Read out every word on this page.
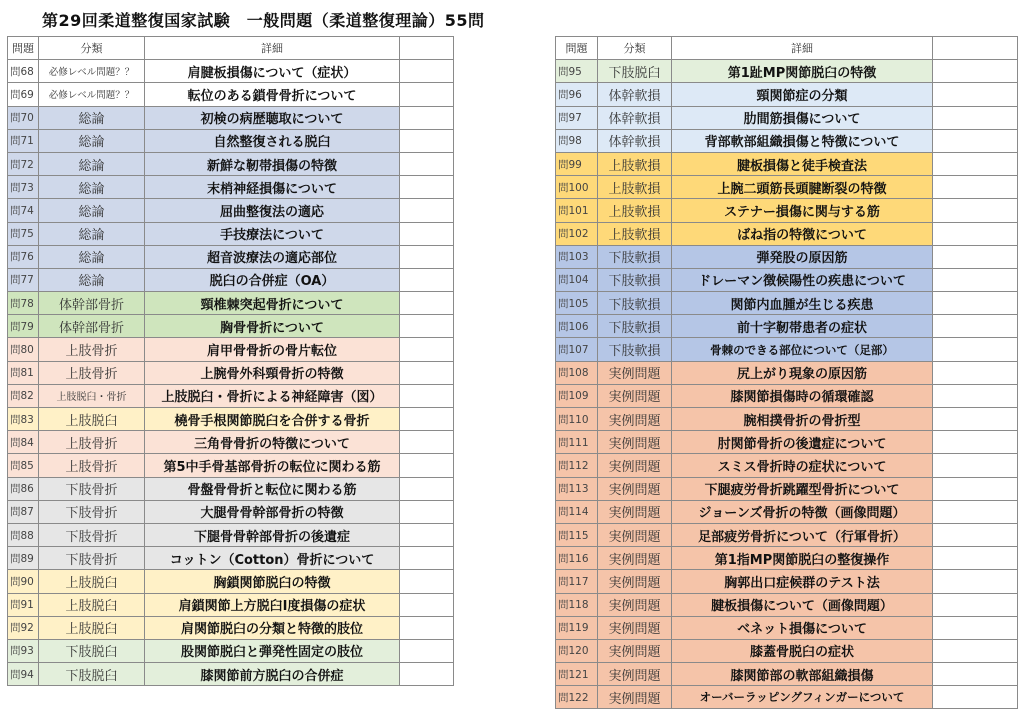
第29回柔道整復国家試験　一般問題（柔道整復理論）55問
問題	分類	詳細	
問68	必修レベル問題？？	肩腱板損傷について（症状）	
問69	必修レベル問題？？	転位のある鎖骨骨折について	
問70	総論	初検の病歴聴取について	
問71	総論	自然整復される脱臼	
問72	総論	新鮮な靭帯損傷の特徴	
問73	総論	末梢神経損傷について	
問74	総論	屈曲整復法の適応	
問75	総論	手技療法について	
問76	総論	超音波療法の適応部位	
問77	総論	脱臼の合併症（OA）	
問78	体幹部骨折	頸椎棘突起骨折について	
問79	体幹部骨折	胸骨骨折について	
問80	上肢骨折	肩甲骨骨折の骨片転位	
問81	上肢骨折	上腕骨外科頸骨折の特徴	
問82	上肢脱臼・骨折	上肢脱臼・骨折による神経障害（図）	
問83	上肢脱臼	橈骨手根関節脱臼を合併する骨折	
問84	上肢骨折	三角骨骨折の特徴について	
問85	上肢骨折	第5中手骨基部骨折の転位に関わる筋	
問86	下肢骨折	骨盤骨骨折と転位に関わる筋	
問87	下肢骨折	大腿骨骨幹部骨折の特徴	
問88	下肢骨折	下腿骨骨幹部骨折の後遺症	
問89	下肢骨折	コットン（Cotton）骨折について	
問90	上肢脱臼	胸鎖関節脱臼の特徴	
問91	上肢脱臼	肩鎖関節上方脱臼Ⅰ度損傷の症状	
問92	上肢脱臼	肩関節脱臼の分類と特徴的肢位	
問93	下肢脱臼	股関節脱臼と弾発性固定の肢位	
問94	下肢脱臼	膝関節前方脱臼の合併症	
問題	分類	詳細	
問95	下肢脱臼	第1趾MP関節脱臼の特徴	
問96	体幹軟損	頸関節症の分類	
問97	体幹軟損	肋間筋損傷について	
問98	体幹軟損	背部軟部組織損傷と特徴について	
問99	上肢軟損	腱板損傷と徒手検査法	
問100	上肢軟損	上腕二頭筋長頭腱断裂の特徴	
問101	上肢軟損	ステナー損傷に関与する筋	
問102	上肢軟損	ばね指の特徴について	
問103	下肢軟損	弾発股の原因筋	
問104	下肢軟損	ドレーマン徴候陽性の疾患について	
問105	下肢軟損	関節内血腫が生じる疾患	
問106	下肢軟損	前十字靭帯患者の症状	
問107	下肢軟損	骨棘のできる部位について（足部）	
問108	実例問題	尻上がり現象の原因筋	
問109	実例問題	膝関節損傷時の循環確認	
問110	実例問題	腕相撲骨折の骨折型	
問111	実例問題	肘関節骨折の後遺症について	
問112	実例問題	スミス骨折時の症状について	
問113	実例問題	下腿疲労骨折跳躍型骨折について	
問114	実例問題	ジョーンズ骨折の特徴（画像問題）	
問115	実例問題	足部疲労骨折について（行軍骨折）	
問116	実例問題	第1指MP関節脱臼の整復操作	
問117	実例問題	胸郭出口症候群のテスト法	
問118	実例問題	腱板損傷について（画像問題）	
問119	実例問題	ベネット損傷について	
問120	実例問題	膝蓋骨脱臼の症状	
問121	実例問題	膝関節部の軟部組織損傷	
問122	実例問題	オーバーラッピングフィンガーについて	
